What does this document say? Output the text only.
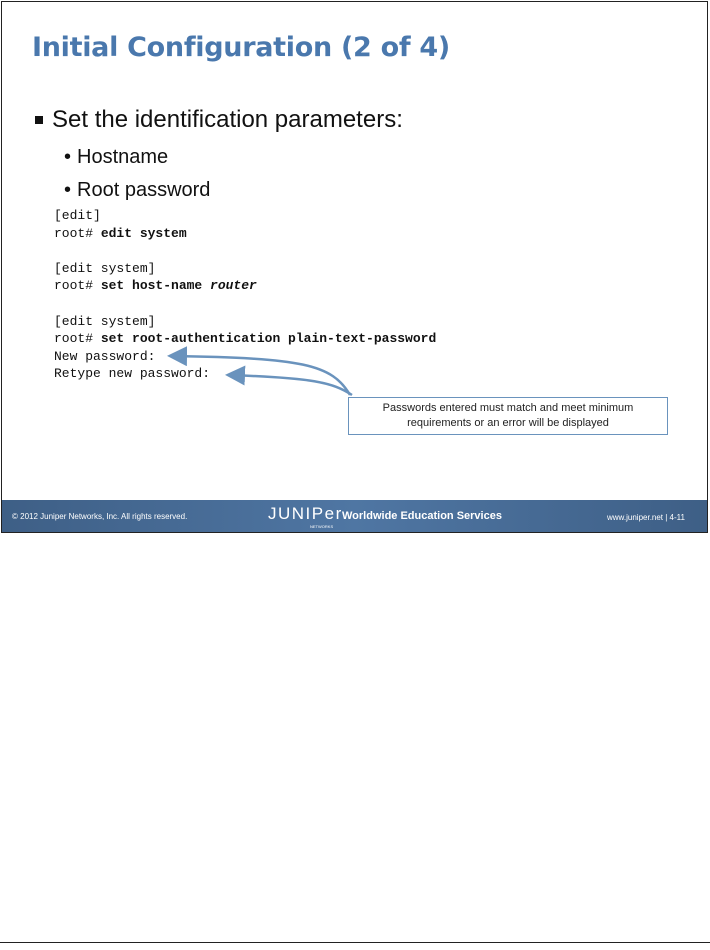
Initial Configuration (2 of 4)
Set the identification parameters:
• Hostname
• Root password
[edit]
root# edit system
[edit system]
root# set host-name router
[edit system]
root# set root-authentication plain-text-password
New password:
Retype new password:
Passwords entered must match and meet minimum
requirements or an error will be displayed
© 2012 Juniper Networks, Inc. All rights reserved.	JUNIPer
NETWORKS
Worldwide Education Services	www.juniper.net | 4-11
